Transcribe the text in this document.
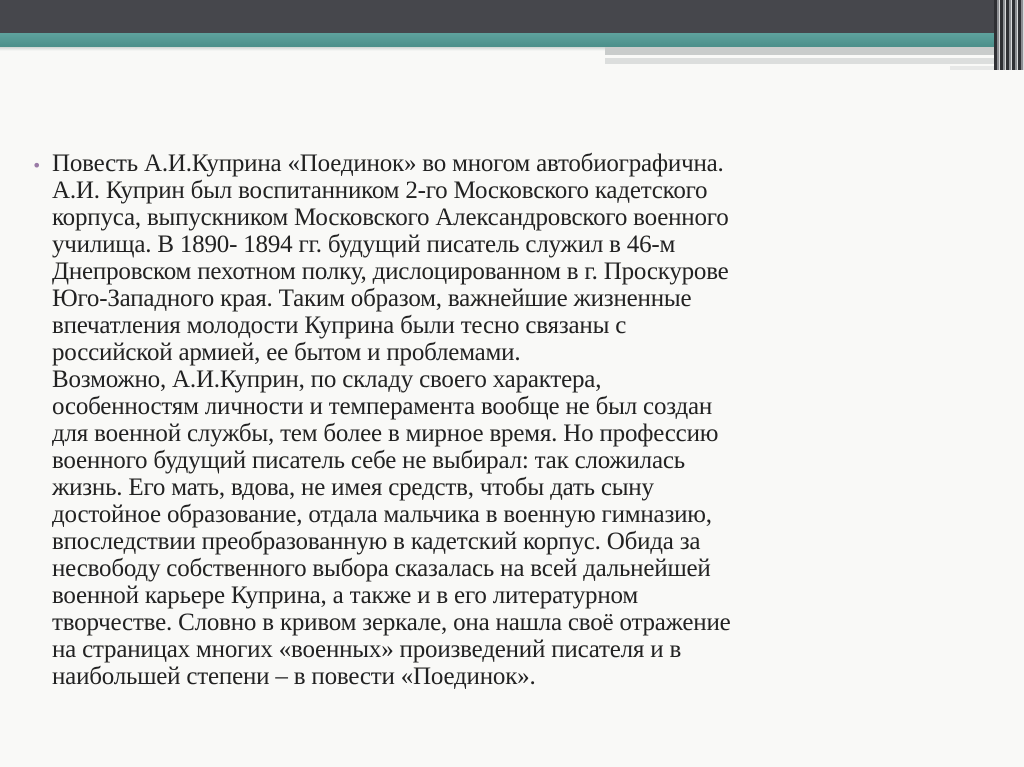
• Повесть А.И.Куприна «Поединок» во многом автобиографична.
А.И. Куприн был воспитанником 2-го Московского кадетского
корпуса, выпускником Московского Александровского военного
училища. В 1890- 1894 гг. будущий писатель служил в 46-м
Днепровском пехотном полку, дислоцированном в г. Проскурове
Юго-Западного края. Таким образом, важнейшие жизненные
впечатления молодости Куприна были тесно связаны с
российской армией, ее бытом и проблемами.
Возможно, А.И.Куприн, по складу своего характера,
особенностям личности и темперамента вообще не был создан
для военной службы, тем более в мирное время. Но профессию
военного будущий писатель себе не выбирал: так сложилась
жизнь. Его мать, вдова, не имея средств, чтобы дать сыну
достойное образование, отдала мальчика в военную гимназию,
впоследствии преобразованную в кадетский корпус. Обида за
несвободу собственного выбора сказалась на всей дальнейшей
военной карьере Куприна, а также и в его литературном
творчестве. Словно в кривом зеркале, она нашла своё отражение
на страницах многих «военных» произведений писателя и в
наибольшей степени – в повести «Поединок».
